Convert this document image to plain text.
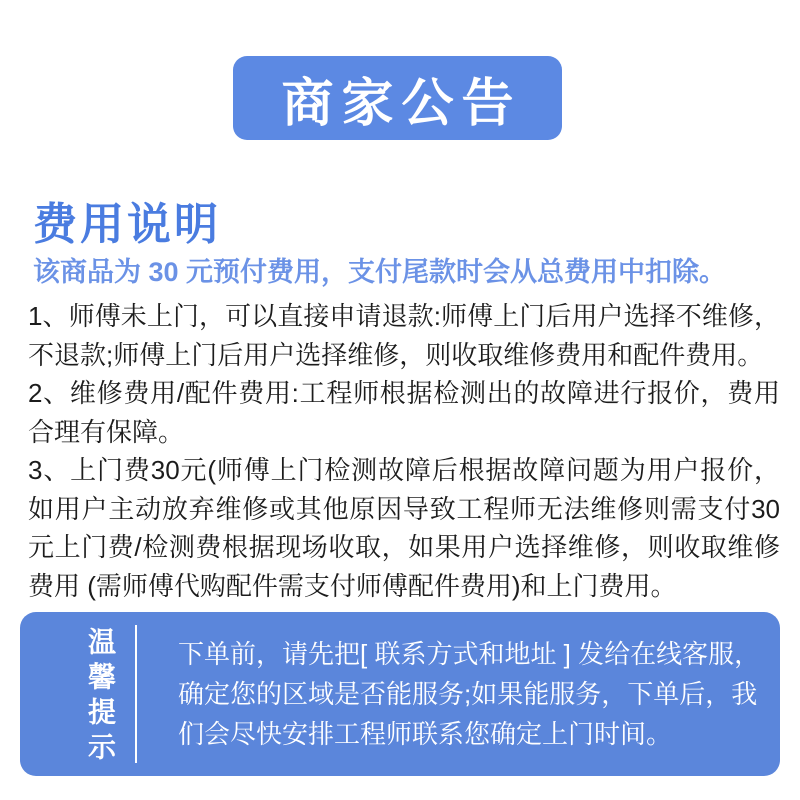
商家公告
费用说明
该商品为 30 元预付费用，支付尾款时会从总费用中扣除。

1、师傅未上门，可以直接申请退款:师傅上门后用户选择不维修，不退款;师傅上门后用户选择维修，则收取维修费用和配件费用。

2、维修费用/配件费用:工程师根据检测出的故障进行报价，费用合理有保障。

3、上门费30元(师傅上门检测故障后根据故障问题为用户报价，如用户主动放弃维修或其他原因导致工程师无法维修则需支付30元上门费/检测费根据现场收取，如果用户选择维修，则收取维修费用 (需师傅代购配件需支付师傅配件费用)和上门费用。

温馨提示 下单前，请先把[ 联系方式和地址 ] 发给在线客服，确定您的区域是否能服务;如果能服务，下单后，我们会尽快安排工程师联系您确定上门时间。
